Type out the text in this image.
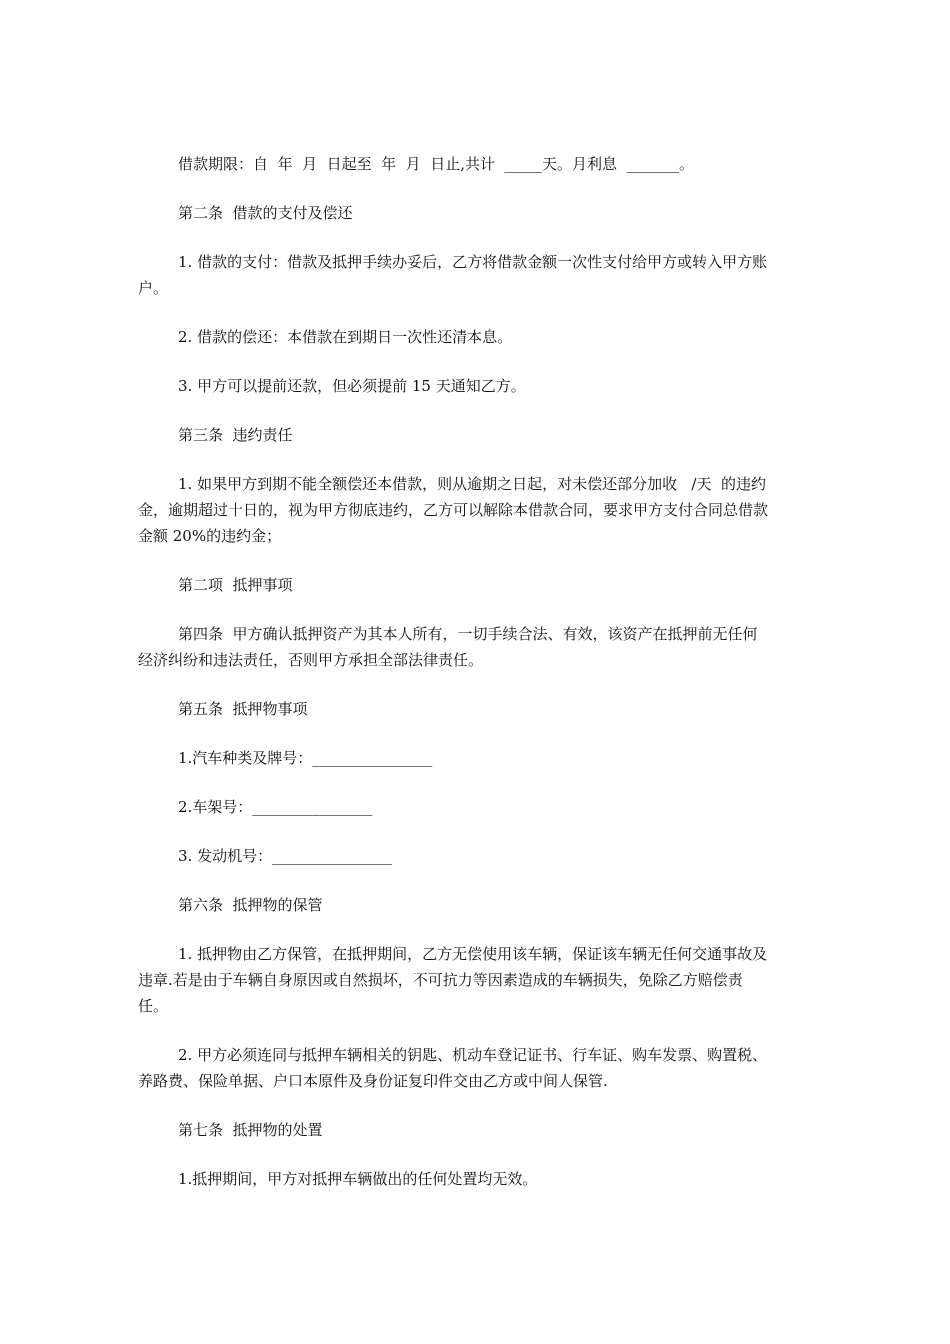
借款期限：自  年  月  日起至  年  月  日止,共计  _____天。月利息  _______。

第二条  借款的支付及偿还

1. 借款的支付：借款及抵押手续办妥后，乙方将借款金额一次性支付给甲方或转入甲方账户。

2. 借款的偿还：本借款在到期日一次性还清本息。

3. 甲方可以提前还款，但必须提前 15 天通知乙方。

第三条  违约责任

1. 如果甲方到期不能全额偿还本借款，则从逾期之日起，对未偿还部分加收   /天  的违约金，逾期超过十日的，视为甲方彻底违约，乙方可以解除本借款合同，要求甲方支付合同总借款金额 20%的违约金；

第二项  抵押事项

第四条  甲方确认抵押资产为其本人所有，一切手续合法、有效，该资产在抵押前无任何经济纠纷和违法责任，否则甲方承担全部法律责任。

第五条  抵押物事项

1.汽车种类及牌号：________________

2.车架号：________________

3. 发动机号：________________

第六条  抵押物的保管

1. 抵押物由乙方保管，在抵押期间，乙方无偿使用该车辆，保证该车辆无任何交通事故及违章.若是由于车辆自身原因或自然损坏，不可抗力等因素造成的车辆损失，免除乙方赔偿责任。

2. 甲方必须连同与抵押车辆相关的钥匙、机动车登记证书、行车证、购车发票、购置税、养路费、保险单据、户口本原件及身份证复印件交由乙方或中间人保管.

第七条  抵押物的处置

1.抵押期间，甲方对抵押车辆做出的任何处置均无效。
